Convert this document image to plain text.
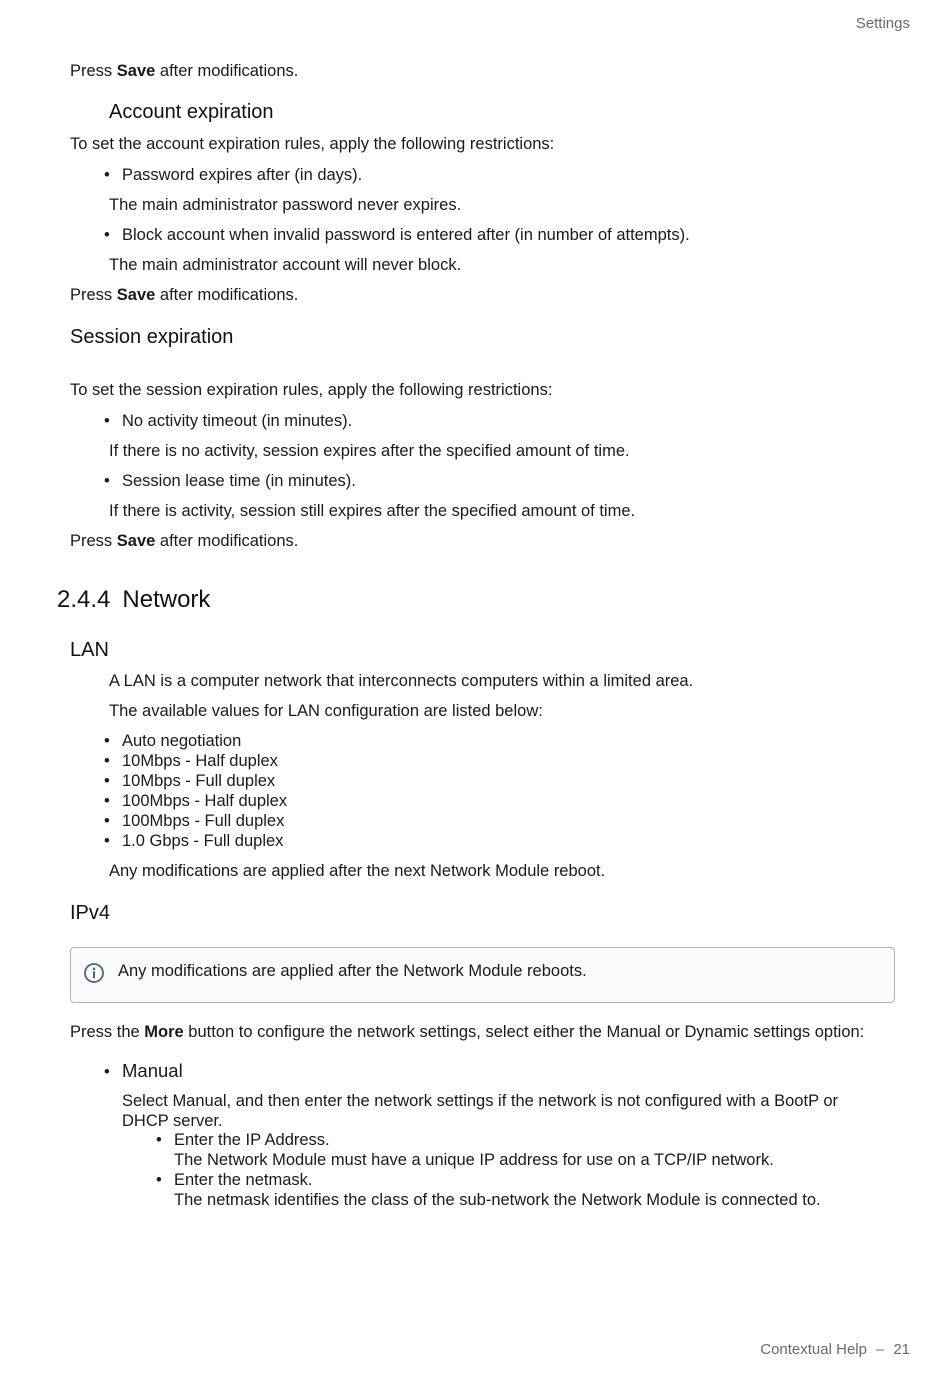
Settings

Press Save after modifications.

Account expiration

To set the account expiration rules, apply the following restrictions:

• Password expires after (in days).

The main administrator password never expires.

• Block account when invalid password is entered after (in number of attempts).

The main administrator account will never block.

Press Save after modifications.

Session expiration

To set the session expiration rules, apply the following restrictions:

• No activity timeout (in minutes).

If there is no activity, session expires after the specified amount of time.

• Session lease time (in minutes).

If there is activity, session still expires after the specified amount of time.

Press Save after modifications.

2.4.4 Network
LAN

A LAN is a computer network that interconnects computers within a limited area.

The available values for LAN configuration are listed below:

• Auto negotiation

• 10Mbps - Half duplex

• 10Mbps - Full duplex

• 100Mbps - Half duplex

• 100Mbps - Full duplex

• 1.0 Gbps - Full duplex

Any modifications are applied after the next Network Module reboot.

IPv4
Any modifications are applied after the Network Module reboots.

Press the More button to configure the network settings, select either the Manual or Dynamic settings option:

• Manual

Select Manual, and then enter the network settings if the network is not configured with a BootP or

DHCP server.

• Enter the IP Address.

The Network Module must have a unique IP address for use on a TCP/IP network.

• Enter the netmask.

The netmask identifies the class of the sub-network the Network Module is connected to.

Contextual Help – 21
